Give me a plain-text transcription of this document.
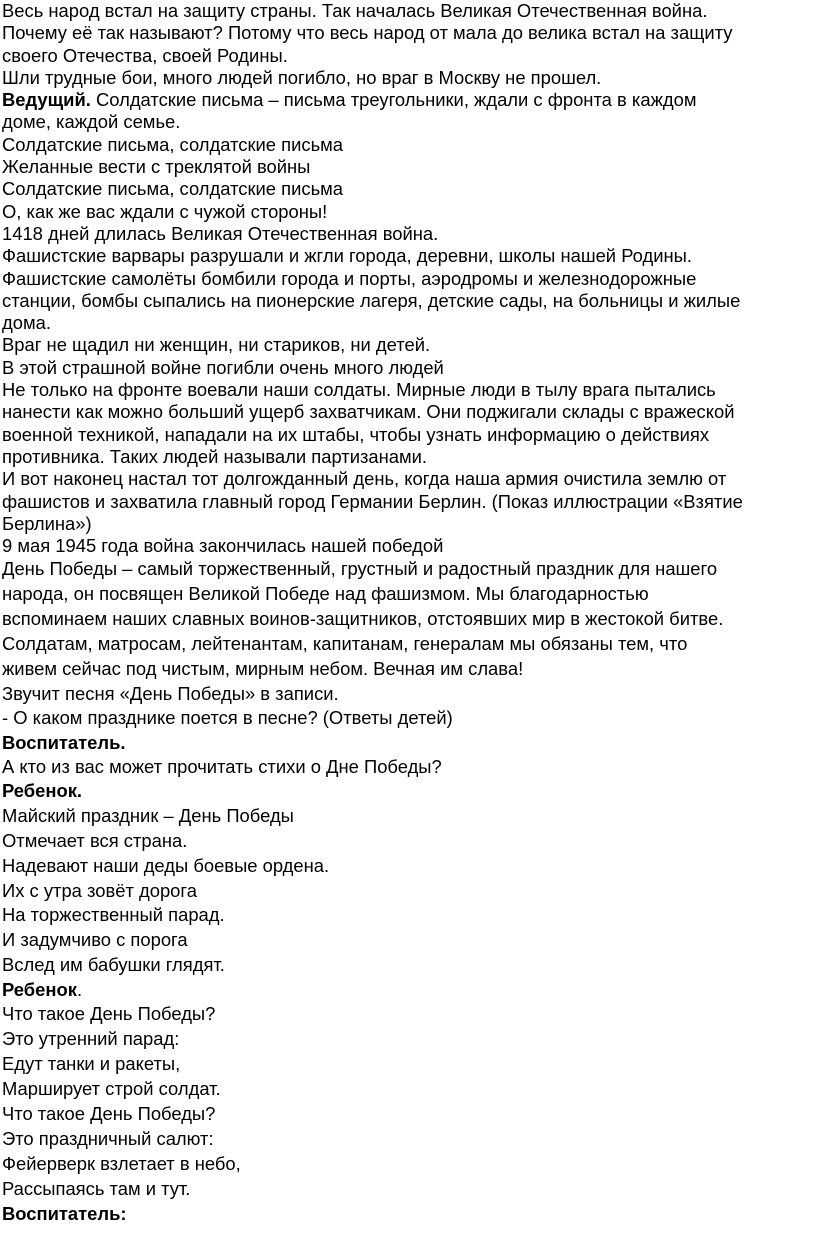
Весь народ встал на защиту страны. Так началась Великая Отечественная война.
Почему её так называют? Потому что весь народ от мала до велика встал на защиту
своего Отечества, своей Родины.
Шли трудные бои, много людей погибло, но враг в Москву не прошел.
Ведущий. Солдатские письма – письма треугольники, ждали с фронта в каждом
доме, каждой семье.
Солдатские письма, солдатские письма
Желанные вести с треклятой войны
Солдатские письма, солдатские письма
О, как же вас ждали с чужой стороны!
1418 дней длилась Великая Отечественная война.
Фашистские варвары разрушали и жгли города, деревни, школы нашей Родины.
Фашистские самолёты бомбили города и порты, аэродромы и железнодорожные
станции, бомбы сыпались на пионерские лагеря, детские сады, на больницы и жилые
дома.
Враг не щадил ни женщин, ни стариков, ни детей.
В этой страшной войне погибли очень много людей
Не только на фронте воевали наши солдаты. Мирные люди в тылу врага пытались
нанести как можно больший ущерб захватчикам. Они поджигали склады с вражеской
военной техникой, нападали на их штабы, чтобы узнать информацию о действиях
противника. Таких людей называли партизанами.
И вот наконец настал тот долгожданный день, когда наша армия очистила землю от
фашистов и захватила главный город Германии Берлин. (Показ иллюстрации «Взятие
Берлина»)
9 мая 1945 года война закончилась нашей победой
День Победы – самый торжественный, грустный и радостный праздник для нашего
народа, он посвящен Великой Победе над фашизмом. Мы благодарностью
вспоминаем наших славных воинов-защитников, отстоявших мир в жестокой битве.
Солдатам, матросам, лейтенантам, капитанам, генералам мы обязаны тем, что
живем сейчас под чистым, мирным небом. Вечная им слава!
Звучит песня «День Победы» в записи.
- О каком празднике поется в песне? (Ответы детей)
Воспитатель.
А кто из вас может прочитать стихи о Дне Победы?
Ребенок.
Майский праздник – День Победы
Отмечает вся страна.
Надевают наши деды боевые ордена.
Их с утра зовёт дорога
На торжественный парад.
И задумчиво с порога
Вслед им бабушки глядят.
Ребенок.
Что такое День Победы?
Это утренний парад:
Едут танки и ракеты,
Марширует строй солдат.
Что такое День Победы?
Это праздничный салют:
Фейерверк взлетает в небо,
Рассыпаясь там и тут.
Воспитатель:
